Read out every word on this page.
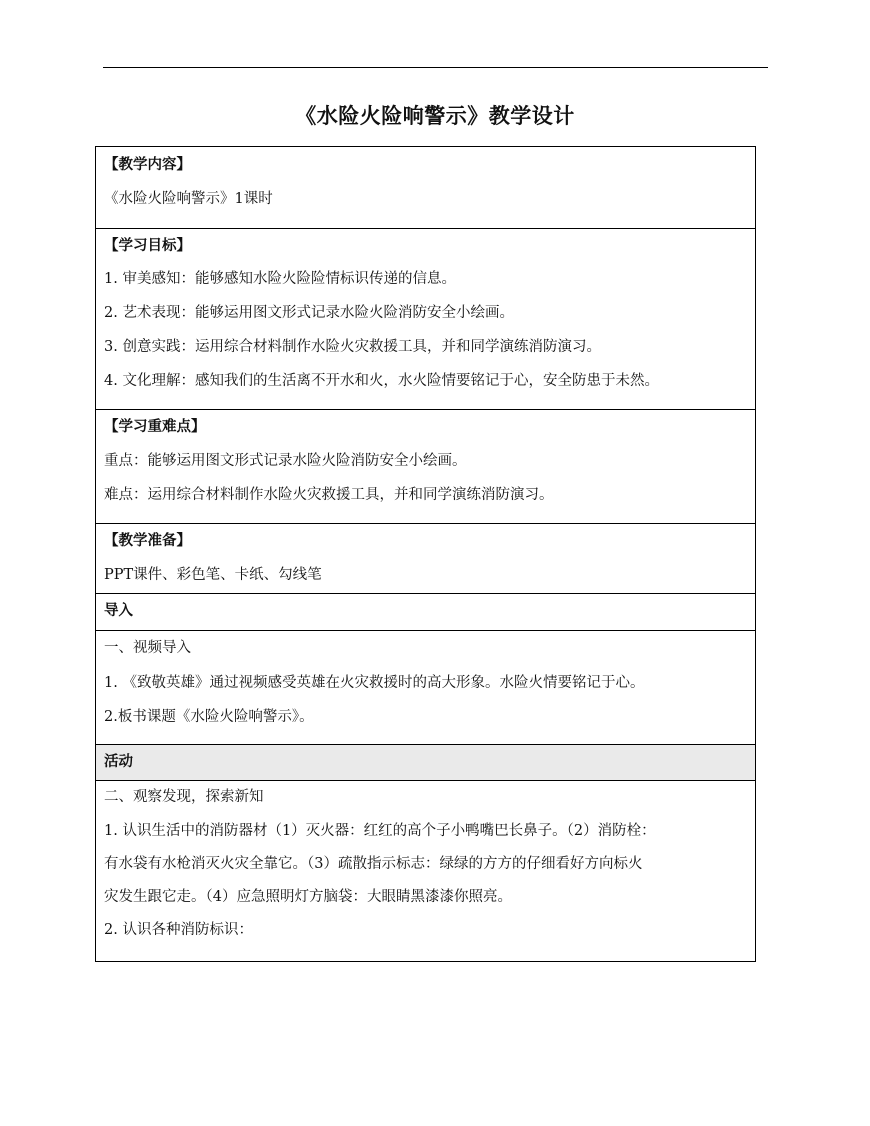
《水险火险响警示》教学设计
【教学内容】
《水险火险响警示》1课时
【学习目标】
1. 审美感知：能够感知水险火险险情标识传递的信息。
2. 艺术表现：能够运用图文形式记录水险火险消防安全小绘画。
3. 创意实践：运用综合材料制作水险火灾救援工具，并和同学演练消防演习。
4. 文化理解：感知我们的生活离不开水和火，水火险情要铭记于心，安全防患于未然。
【学习重难点】
重点：能够运用图文形式记录水险火险消防安全小绘画。
难点：运用综合材料制作水险火灾救援工具，并和同学演练消防演习。
【教学准备】
PPT课件、彩色笔、卡纸、勾线笔
导入
一、视频导入
1. 《致敬英雄》通过视频感受英雄在火灾救援时的高大形象。水险火情要铭记于心。
2.板书课题《水险火险响警示》。
活动
二、观察发现，探索新知
1. 认识生活中的消防器材（1）灭火器：红红的高个子小鸭嘴巴长鼻子。（2）消防栓：
有水袋有水枪消灭火灾全靠它。（3）疏散指示标志：绿绿的方方的仔细看好方向标火
灾发生跟它走。（4）应急照明灯方脑袋：大眼睛黑漆漆你照亮。
2. 认识各种消防标识：
